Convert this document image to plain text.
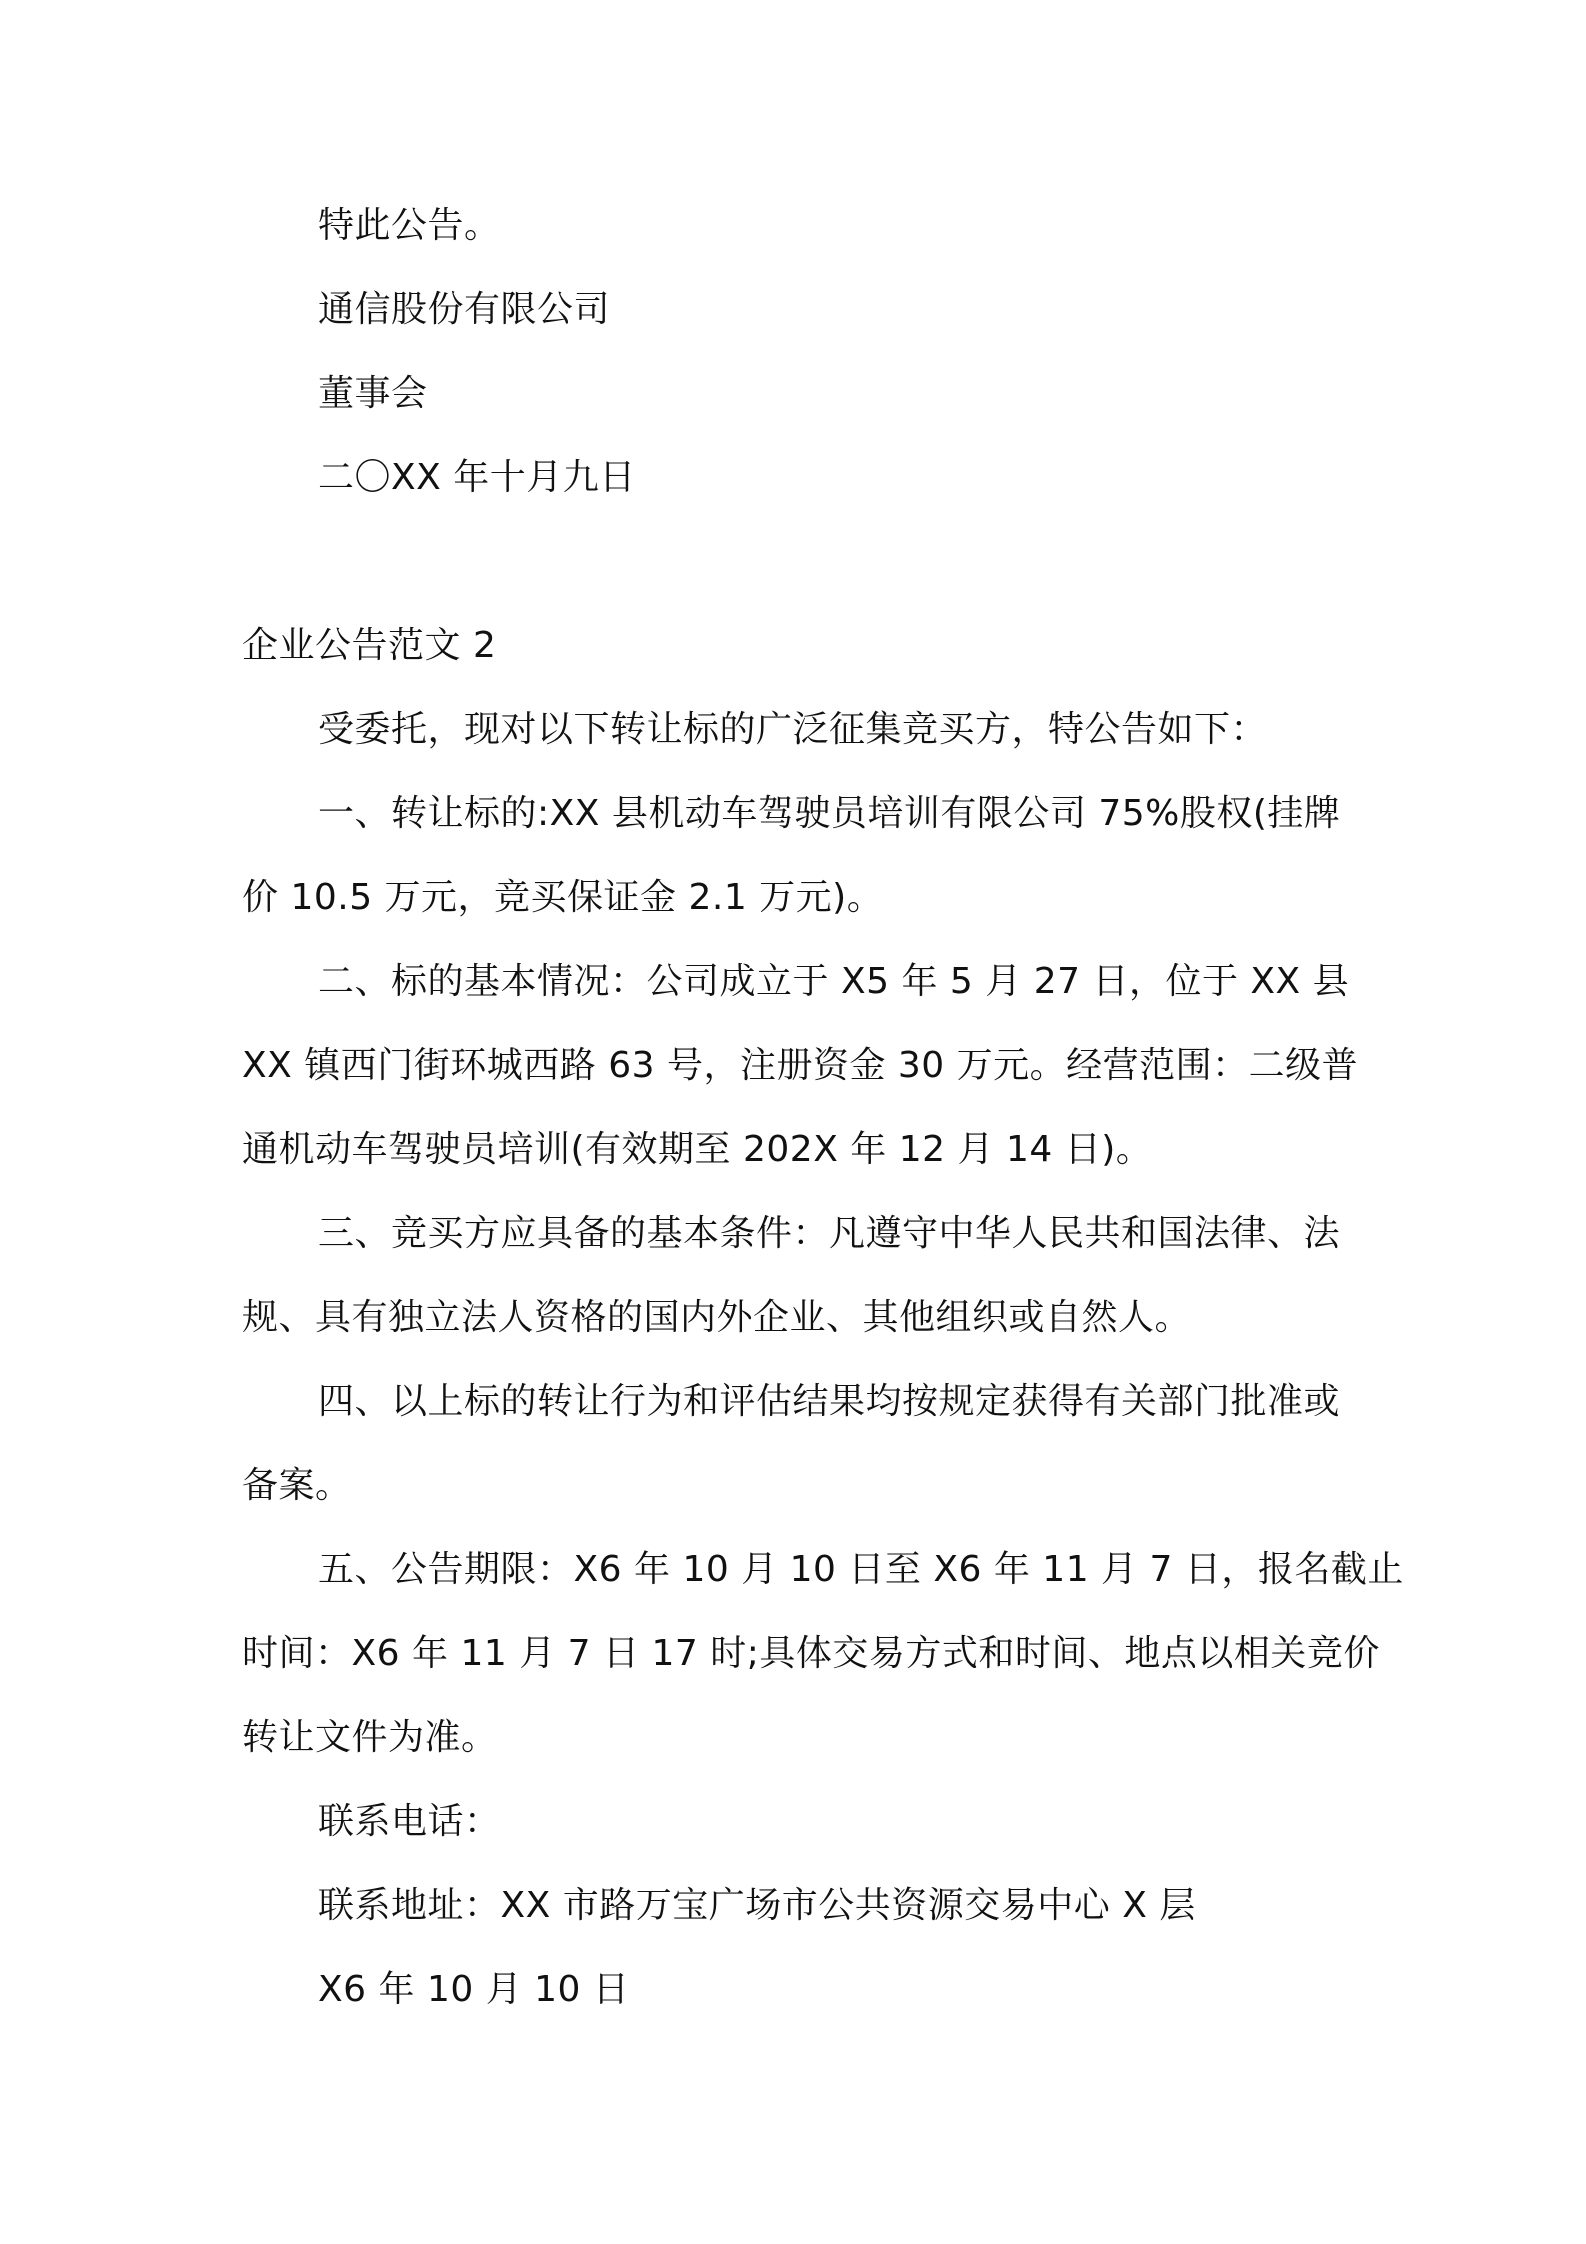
特此公告。
通信股份有限公司
董事会
二〇XX 年十月九日
企业公告范文 2
受委托，现对以下转让标的广泛征集竞买方，特公告如下：
一、转让标的:XX 县机动车驾驶员培训有限公司 75%股权(挂牌
价 10.5 万元，竞买保证金 2.1 万元)。
二、标的基本情况：公司成立于 X5 年 5 月 27 日，位于 XX 县
XX 镇西门街环城西路 63 号，注册资金 30 万元。经营范围：二级普
通机动车驾驶员培训(有效期至 202X 年 12 月 14 日)。
三、竞买方应具备的基本条件：凡遵守中华人民共和国法律、法
规、具有独立法人资格的国内外企业、其他组织或自然人。
四、以上标的转让行为和评估结果均按规定获得有关部门批准或
备案。
五、公告期限：X6 年 10 月 10 日至 X6 年 11 月 7 日，报名截止
时间：X6 年 11 月 7 日 17 时;具体交易方式和时间、地点以相关竞价
转让文件为准。
联系电话：
联系地址：XX 市路万宝广场市公共资源交易中心 X 层
X6 年 10 月 10 日
